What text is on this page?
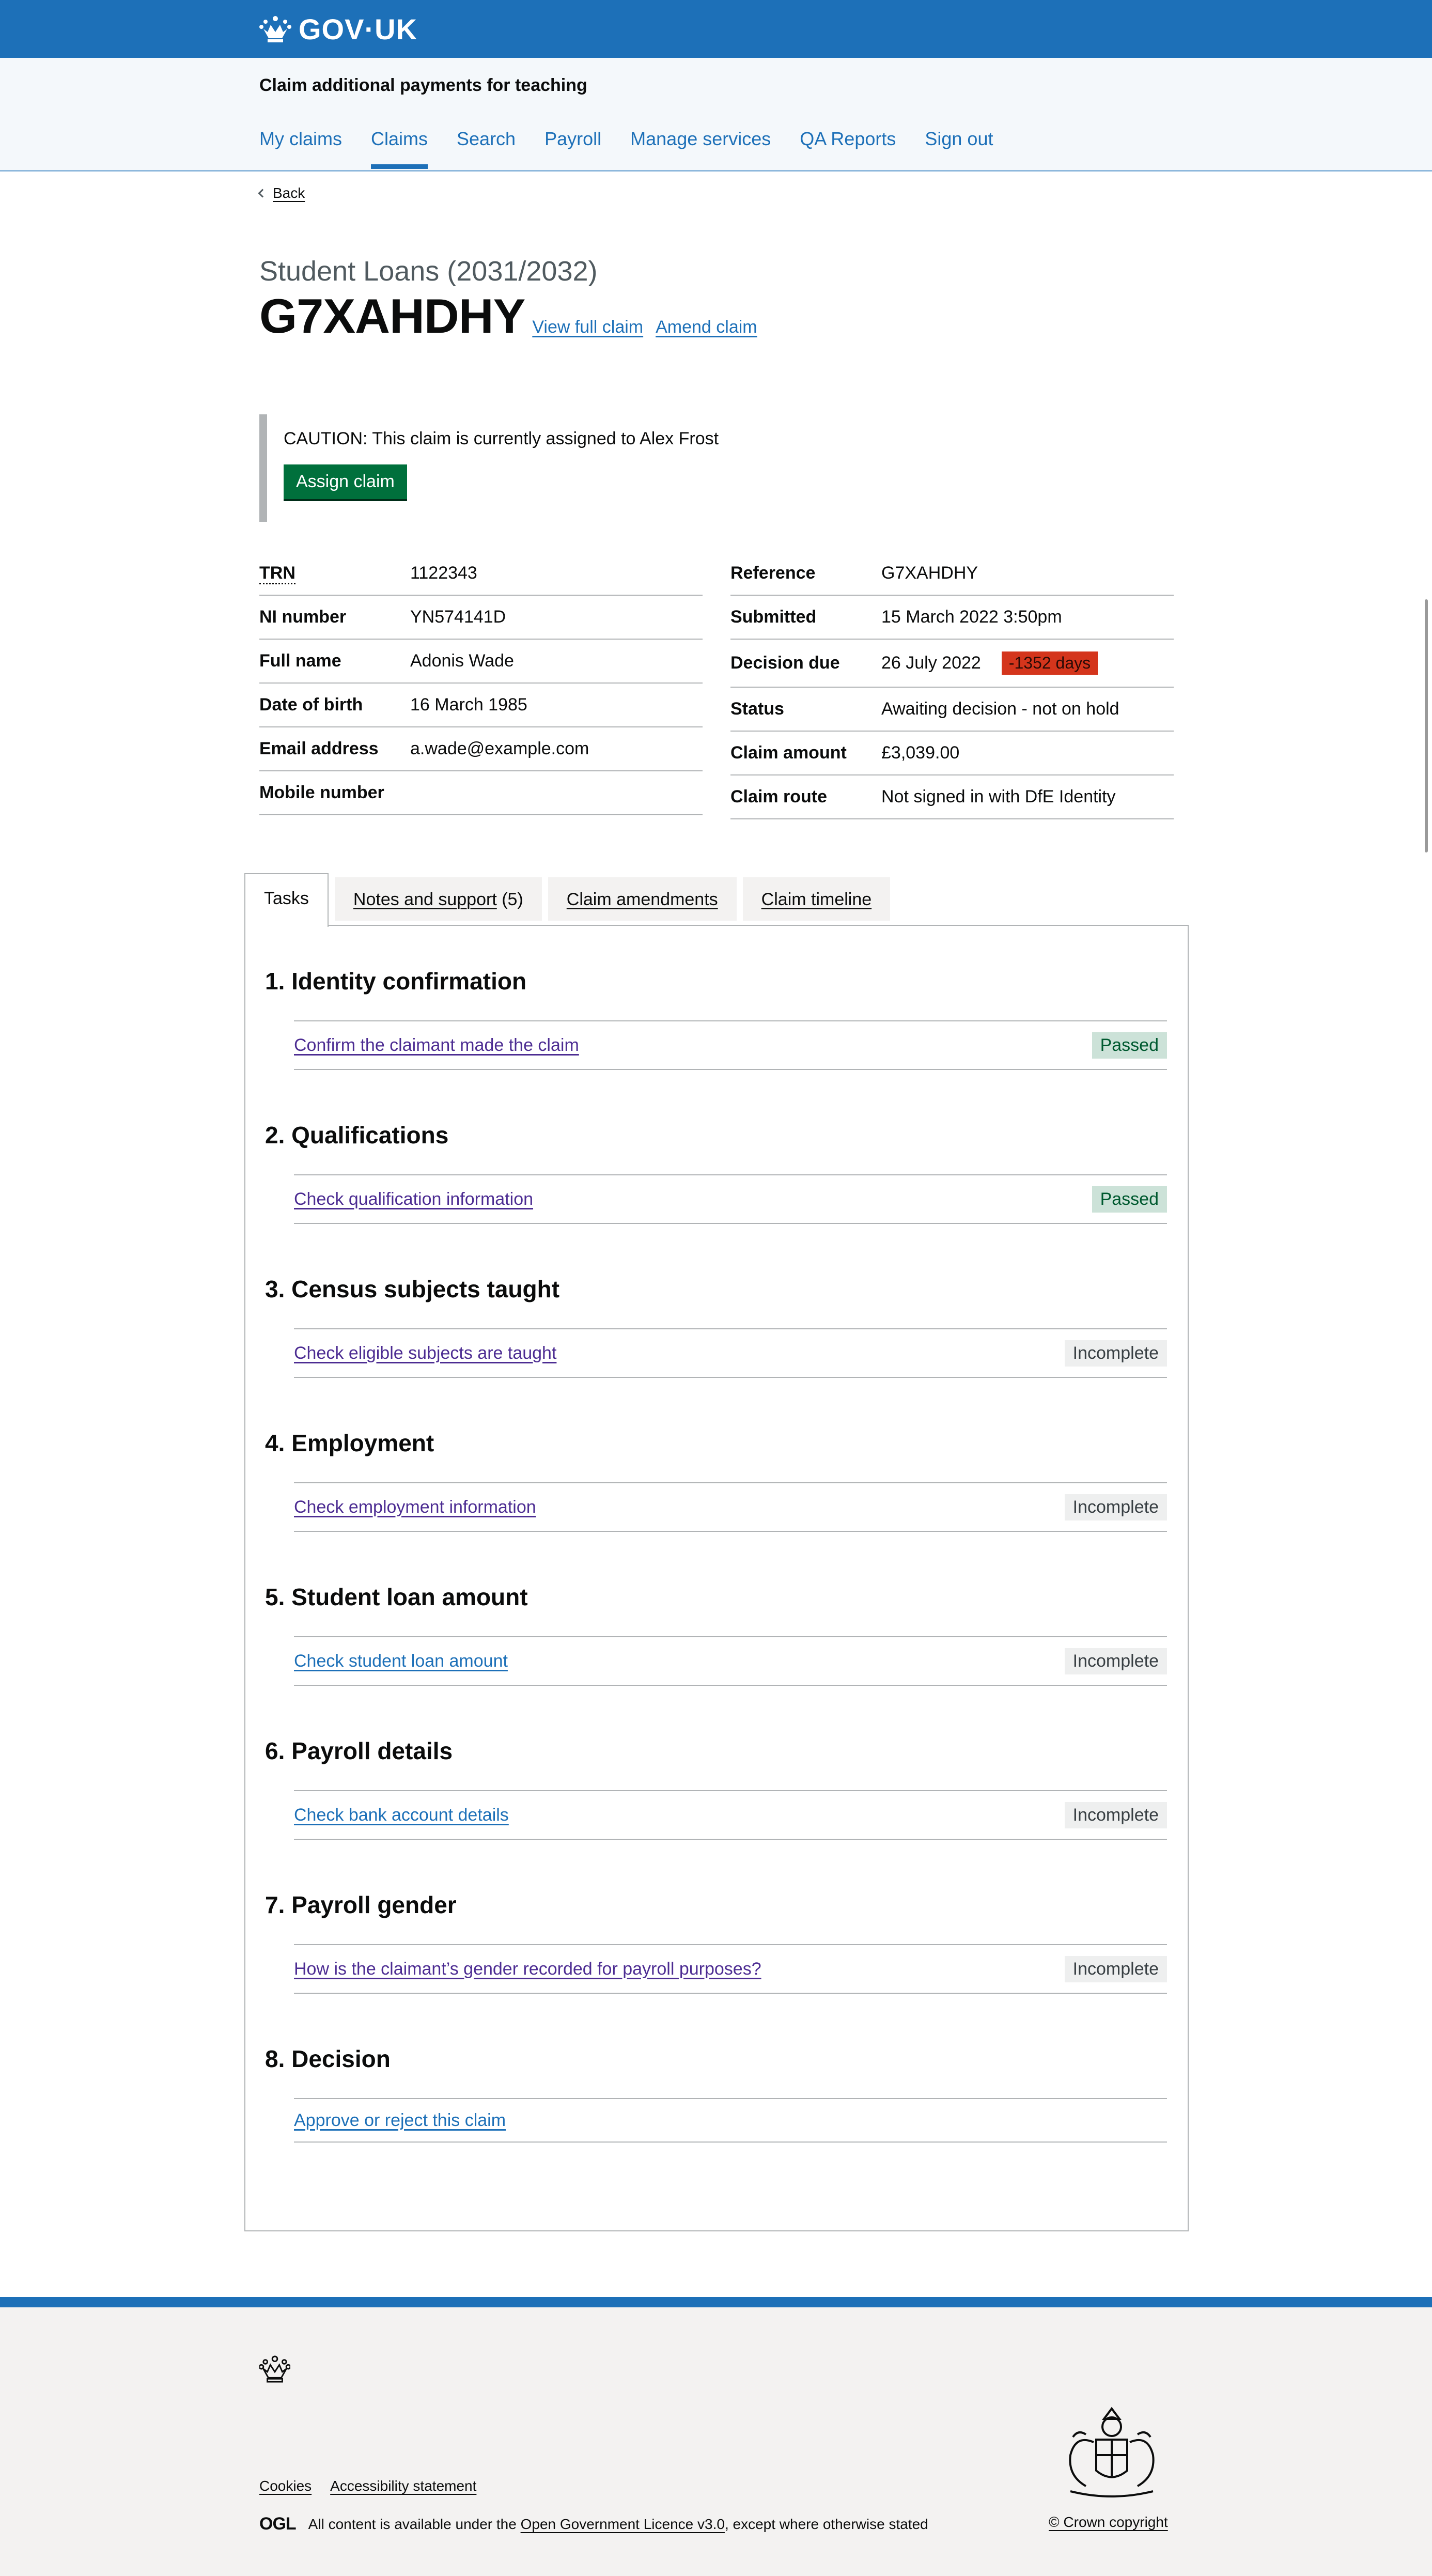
GOV·UK
Claim additional payments for teaching
My claims Claims Search Payroll Manage services QA Reports Sign out
Back
Student Loans (2031/2032)
G7XAHDHY View full claim Amend claim

CAUTION: This claim is currently assigned to Alex Frost

Assign claim
TRN	1122343
NI number	YN574141D
Full name	Adonis Wade
Date of birth	16 March 1985
Email address	a.wade@example.com
Mobile number
Reference	G7XAHDHY
Submitted	15 March 2022 3:50pm
Decision due	26 July 2022	-1352 days
Status	Awaiting decision - not on hold
Claim amount	£3,039.00
Claim route	Not signed in with DfE Identity
Tasks	Notes and support (5)	Claim amendments	Claim timeline
1. Identity confirmation
Confirm the claimant made the claim	Passed
2. Qualifications
Check qualification information	Passed
3. Census subjects taught
Check eligible subjects are taught	Incomplete
4. Employment
Check employment information	Incomplete
5. Student loan amount
Check student loan amount	Incomplete
6. Payroll details
Check bank account details	Incomplete
7. Payroll gender
How is the claimant’s gender recorded for payroll purposes?	Incomplete
8. Decision
Approve or reject this claim
Cookies Accessibility statement
OGL All content is available under the
Open Government Licence v3.0 , except where otherwise stated	© Crown copyright
